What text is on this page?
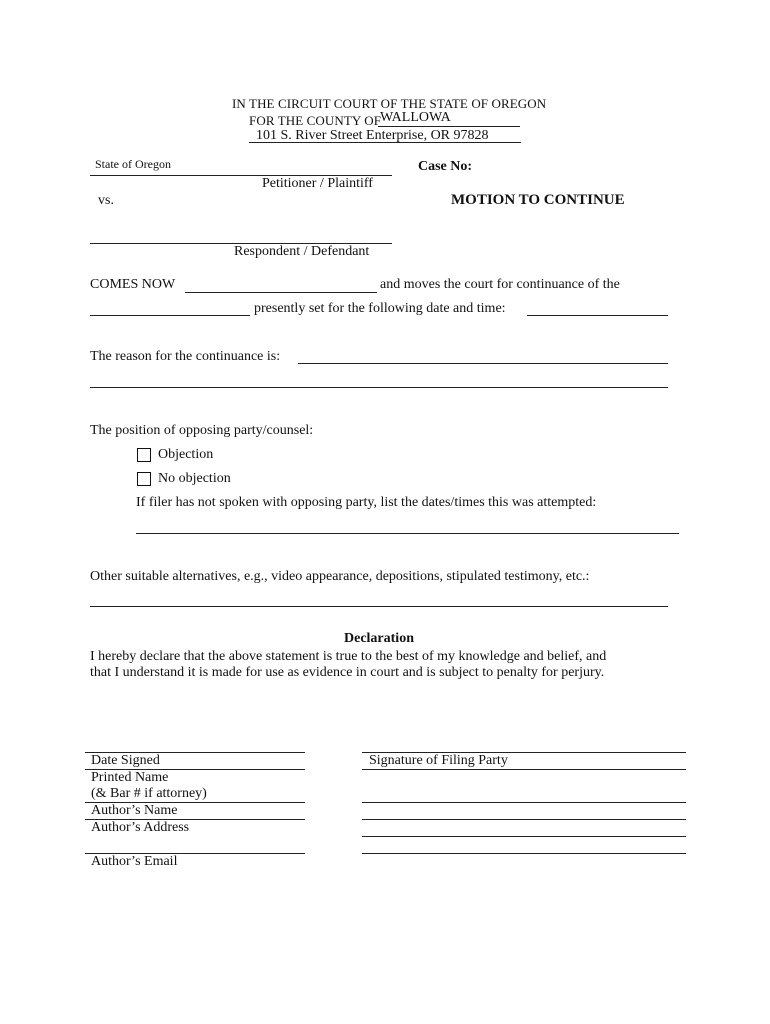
IN THE CIRCUIT COURT OF THE STATE OF OREGON
FOR THE COUNTY OF
WALLOWA
101 S. River Street Enterprise, OR 97828
State of Oregon
Petitioner / Plaintiff
vs.
Respondent / Defendant
Case No:
MOTION TO CONTINUE
COMES NOW	and moves the court for continuance of the
presently set for the following date and time:
The reason for the continuance is:
The position of opposing party/counsel:
Objection
No objection
If filer has not spoken with opposing party, list the dates/times this was attempted:
Other suitable alternatives, e.g., video appearance, depositions, stipulated testimony, etc.:
Declaration
I hereby declare that the above statement is true to the best of my knowledge and belief, and
that I understand it is made for use as evidence in court and is subject to penalty for perjury.
Date Signed
Printed Name
(& Bar # if attorney)
Author’s Name
Author’s Address
Author’s Email
Signature of Filing Party
